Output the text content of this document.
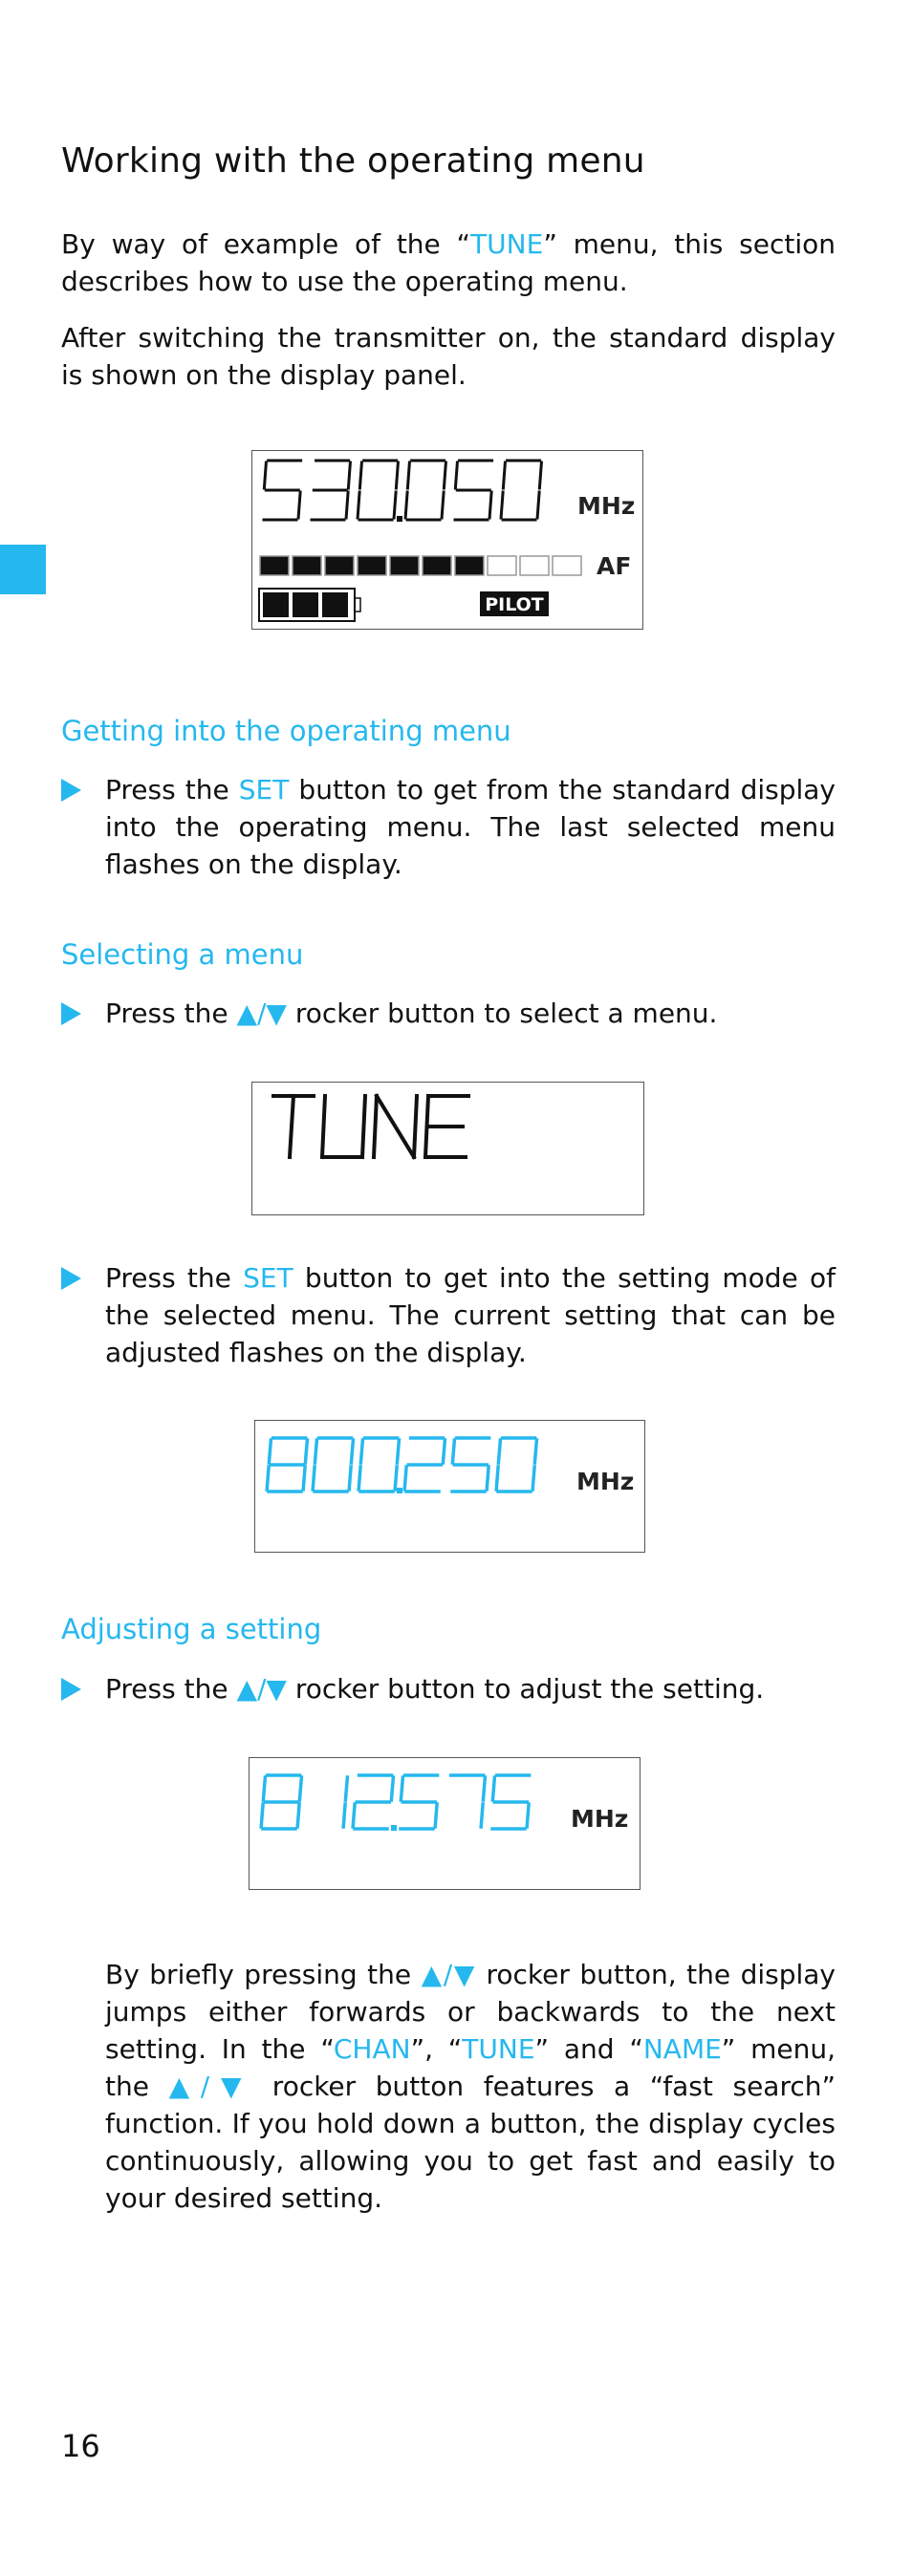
Working with the operating menu

By way of example of the “TUNE” menu, this section describes how to use the operating menu.

After switching the transmitter on, the standard display is shown on the display panel.

MHz
AF
PILOT
Getting into the operating menu
Press the SET button to get from the standard display into the operating menu. The last selected menu flashes on the display.
Selecting a menu
Press the ▲/▼ rocker button to select a menu.
Press the SET button to get into the setting mode of the selected menu. The current setting that can be adjusted flashes on the display.
MHz
Adjusting a setting
Press the ▲/▼ rocker button to adjust the setting.
MHz

By briefly pressing the ▲/▼ rocker button, the display jumps either forwards or backwards to the next setting. In the “CHAN”, “TUNE” and “NAME” menu, the ▲/▼ rocker button features a “fast search” function. If you hold down a button, the display cycles continuously, allowing you to get fast and easily to your desired setting.

16
